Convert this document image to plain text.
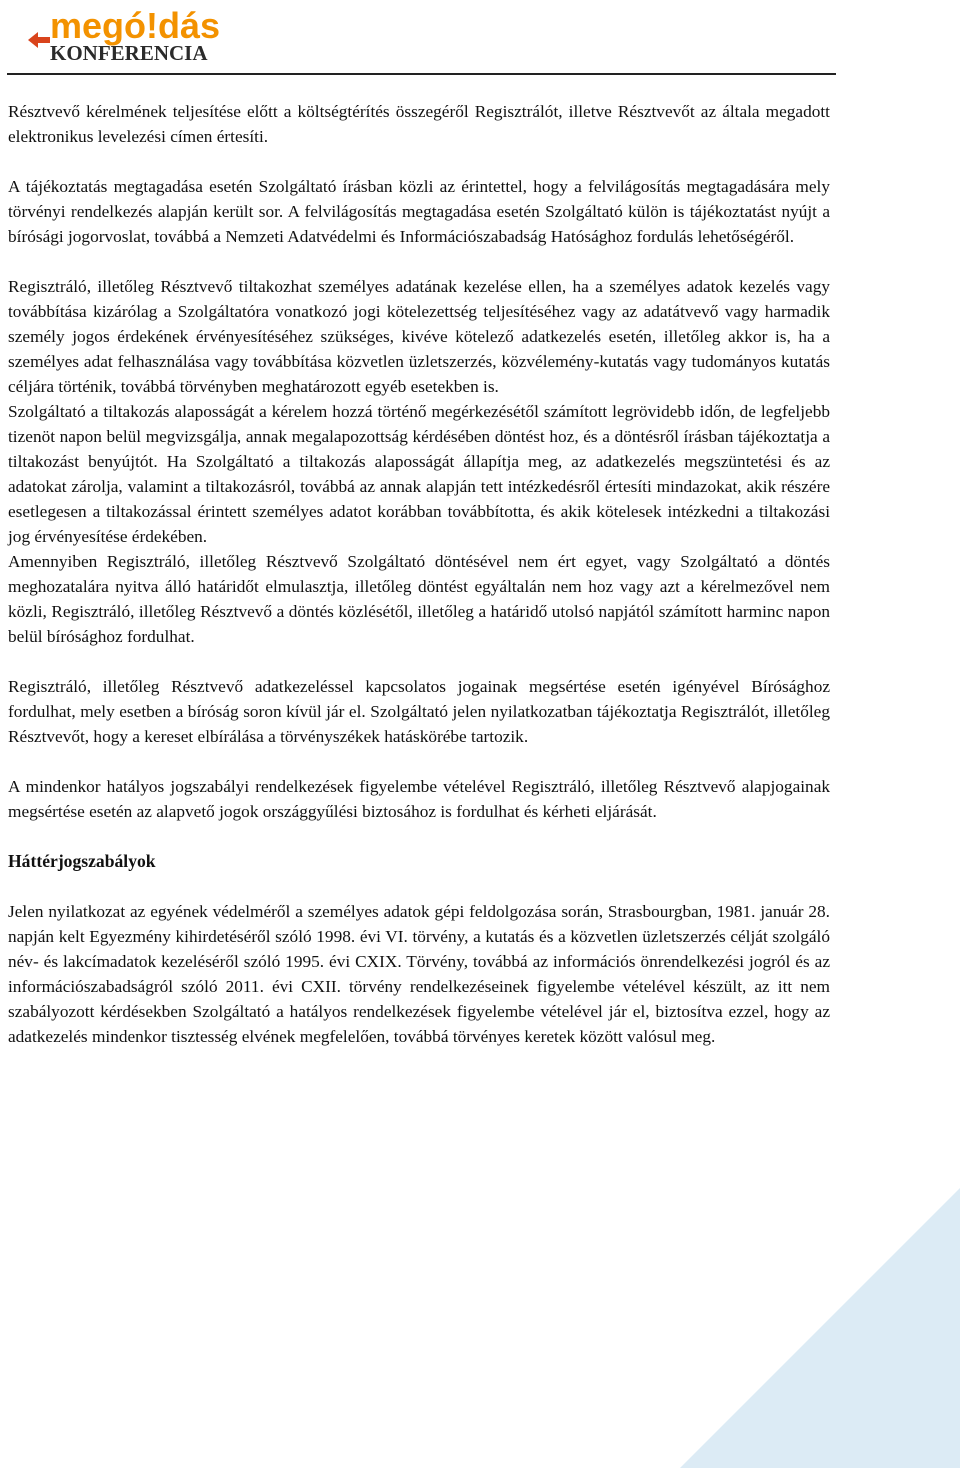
megó!dás
KONFERENCIA

Résztvevő kérelmének teljesítése előtt a költségtérítés összegéről Regisztrálót, illetve Résztvevőt az általa megadott elektronikus levelezési címen értesíti.

A tájékoztatás megtagadása esetén Szolgáltató írásban közli az érintettel, hogy a felvilágosítás megtagadására mely törvényi rendelkezés alapján került sor. A felvilágosítás megtagadása esetén Szolgáltató külön is tájékoztatást nyújt a bírósági jogorvoslat, továbbá a Nemzeti Adatvédelmi és Információszabadság Hatósághoz fordulás lehetőségéről.

Regisztráló, illetőleg Résztvevő tiltakozhat személyes adatának kezelése ellen, ha a személyes adatok kezelés vagy továbbítása kizárólag a Szolgáltatóra vonatkozó jogi kötelezettség teljesítéséhez vagy az adatátvevő vagy harmadik személy jogos érdekének érvényesítéséhez szükséges, kivéve kötelező adatkezelés esetén, illetőleg akkor is, ha a személyes adat felhasználása vagy továbbítása közvetlen üzletszerzés, közvélemény-kutatás vagy tudományos kutatás céljára történik, továbbá törvényben meghatározott egyéb esetekben is.

Szolgáltató a tiltakozás alaposságát a kérelem hozzá történő megérkezésétől számított legrövidebb időn, de legfeljebb tizenöt napon belül megvizsgálja, annak megalapozottság kérdésében döntést hoz, és a döntésről írásban tájékoztatja a tiltakozást benyújtót. Ha Szolgáltató a tiltakozás alaposságát állapítja meg, az adatkezelés megszüntetési és az adatokat zárolja, valamint a tiltakozásról, továbbá az annak alapján tett intézkedésről értesíti mindazokat, akik részére esetlegesen a tiltakozással érintett személyes adatot korábban továbbította, és akik kötelesek intézkedni a tiltakozási jog érvényesítése érdekében.

Amennyiben Regisztráló, illetőleg Résztvevő Szolgáltató döntésével nem ért egyet, vagy Szolgáltató a döntés meghozatalára nyitva álló határidőt elmulasztja, illetőleg döntést egyáltalán nem hoz vagy azt a kérelmezővel nem közli, Regisztráló, illetőleg Résztvevő a döntés közlésétől, illetőleg a határidő utolsó napjától számított harminc napon belül bírósághoz fordulhat.

Regisztráló, illetőleg Résztvevő adatkezeléssel kapcsolatos jogainak megsértése esetén igényével Bírósághoz fordulhat, mely esetben a bíróság soron kívül jár el. Szolgáltató jelen nyilatkozatban tájékoztatja Regisztrálót, illetőleg Résztvevőt, hogy a kereset elbírálása a törvényszékek hatáskörébe tartozik.

A mindenkor hatályos jogszabályi rendelkezések figyelembe vételével Regisztráló, illetőleg Résztvevő alapjogainak megsértése esetén az alapvető jogok országgyűlési biztosához is fordulhat és kérheti eljárását.

Háttérjogszabályok

Jelen nyilatkozat az egyének védelméről a személyes adatok gépi feldolgozása során, Strasbourgban, 1981. január 28. napján kelt Egyezmény kihirdetéséről szóló 1998. évi VI. törvény, a kutatás és a közvetlen üzletszerzés célját szolgáló név- és lakcímadatok kezeléséről szóló 1995. évi CXIX. Törvény, továbbá az információs önrendelkezési jogról és az információszabadságról szóló 2011. évi CXII. törvény rendelkezéseinek figyelembe vételével készült, az itt nem szabályozott kérdésekben Szolgáltató a hatályos rendelkezések figyelembe vételével jár el, biztosítva ezzel, hogy az adatkezelés mindenkor tisztesség elvének megfelelően, továbbá törvényes keretek között valósul meg.
